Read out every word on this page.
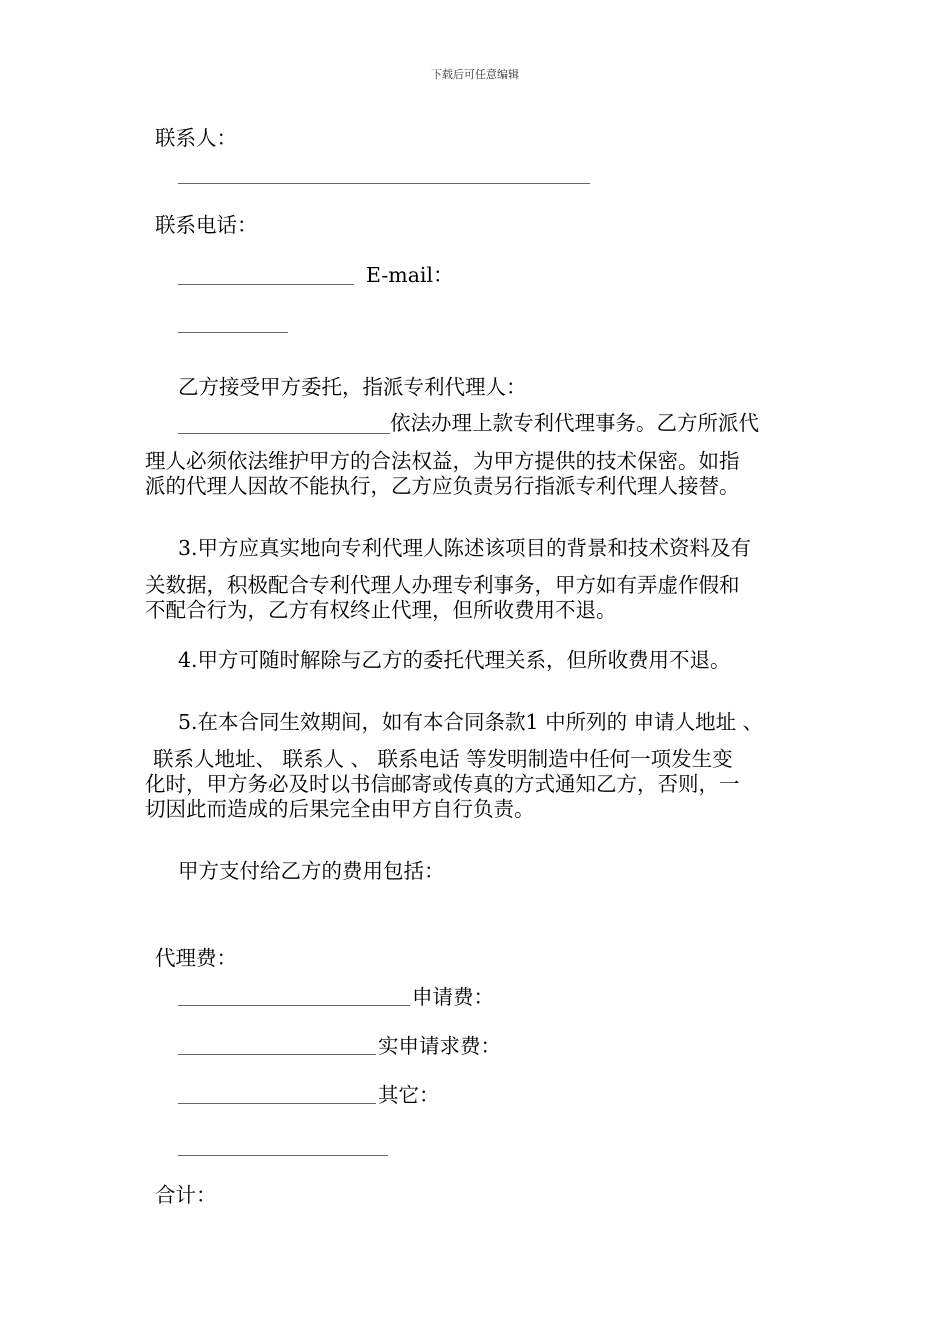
下载后可任意编辑
联系人：
联系电话：
E-mail：
乙方接受甲方委托，指派专利代理人：
依法办理上款专利代理事务。乙方所派代
理人必须依法维护甲方的合法权益，为甲方提供的技术保密。如指
派的代理人因故不能执行，乙方应负责另行指派专利代理人接替。
3.甲方应真实地向专利代理人陈述该项目的背景和技术资料及有
关数据，积极配合专利代理人办理专利事务，甲方如有弄虚作假和
不配合行为，乙方有权终止代理，但所收费用不退。
4.甲方可随时解除与乙方的委托代理关系，但所收费用不退。
5.在本合同生效期间，如有本合同条款1 中所列的 申请人地址 、
联系人地址、 联系人 、 联系电话 等发明制造中任何一项发生变
化时，甲方务必及时以书信邮寄或传真的方式通知乙方，否则，一
切因此而造成的后果完全由甲方自行负责。
甲方支付给乙方的费用包括：
代理费：
申请费：
实申请求费：
其它：
合计：
